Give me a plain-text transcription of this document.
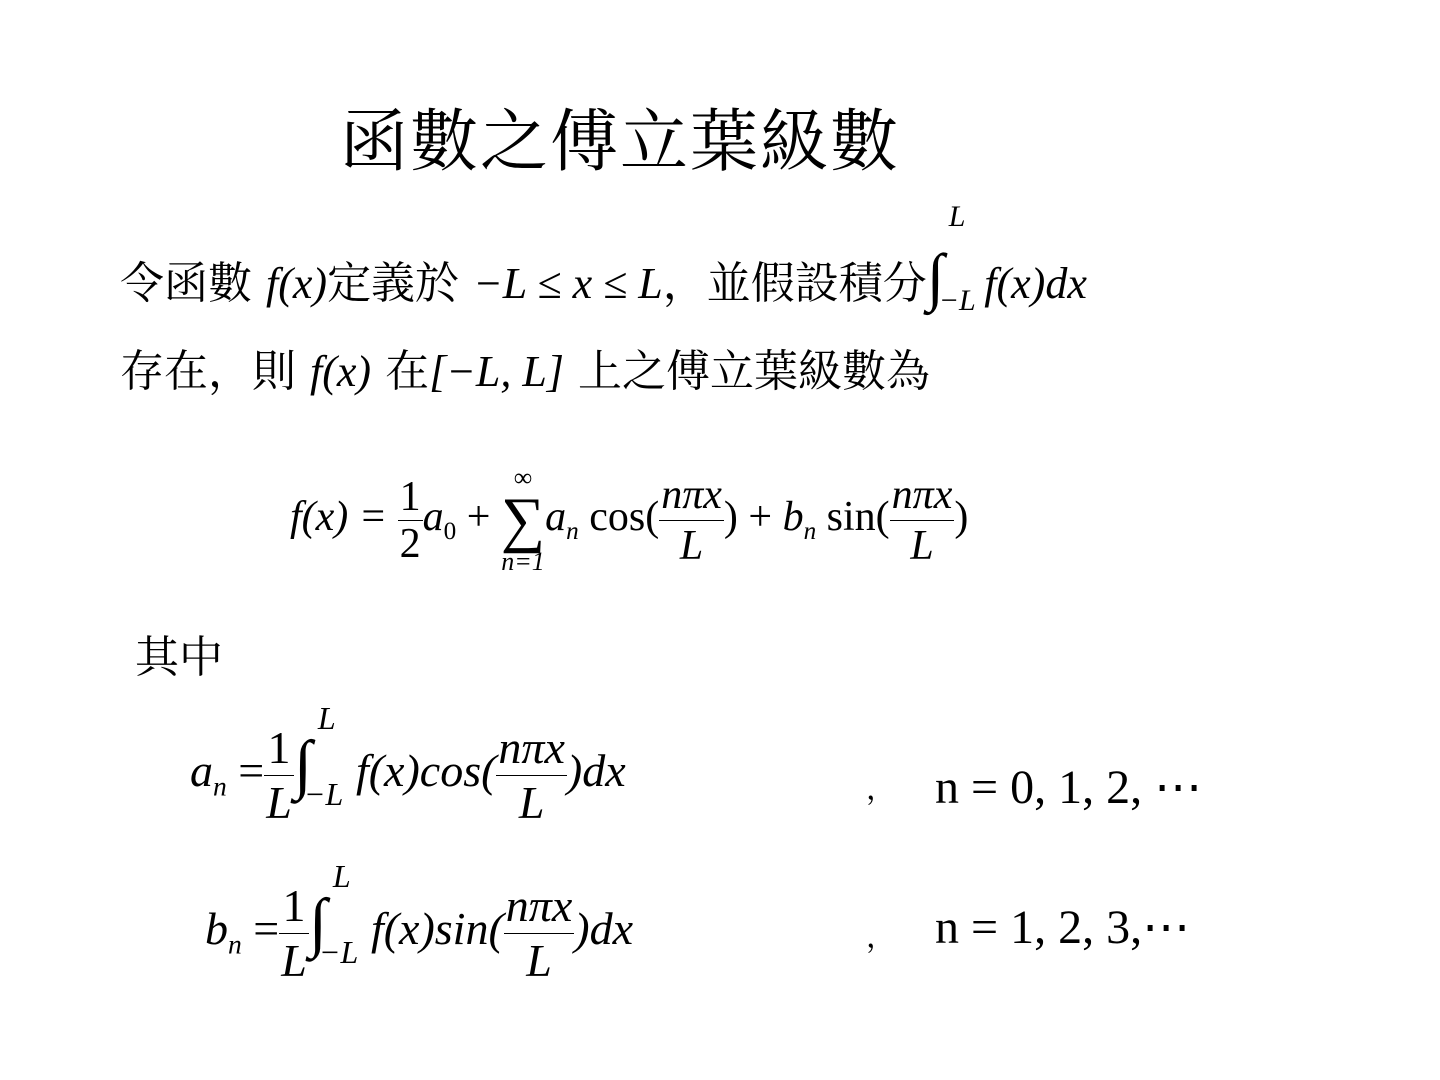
函數之傅立葉級數
令函數 f(x)定義於 −L ≤ x ≤ L，並假設積分∫
L
−L f(x)dx
存在，則 f(x) 在[−L, L] 上之傅立葉級數為
$f(x) = \frac{1}{2} a_0$ +
∞
∑
n=1
$a_n$ $\cos( \frac{\text{nπx}}{L}$ ) + $b_n$ $\sin( \frac{\text{nπx}}{L}$ )
其中
$a_n = \frac{1}{L}$ ∫
L
−L $f(x)\cos( \frac{\text{nπx}}{L} )dx$	， n = 0, 1, 2, ⋯
$b_n = \frac{1}{L}$ ∫
L
−L $f(x)\sin( \frac{\text{nπx}}{L} )dx$	， n = 1, 2, 3,⋯
